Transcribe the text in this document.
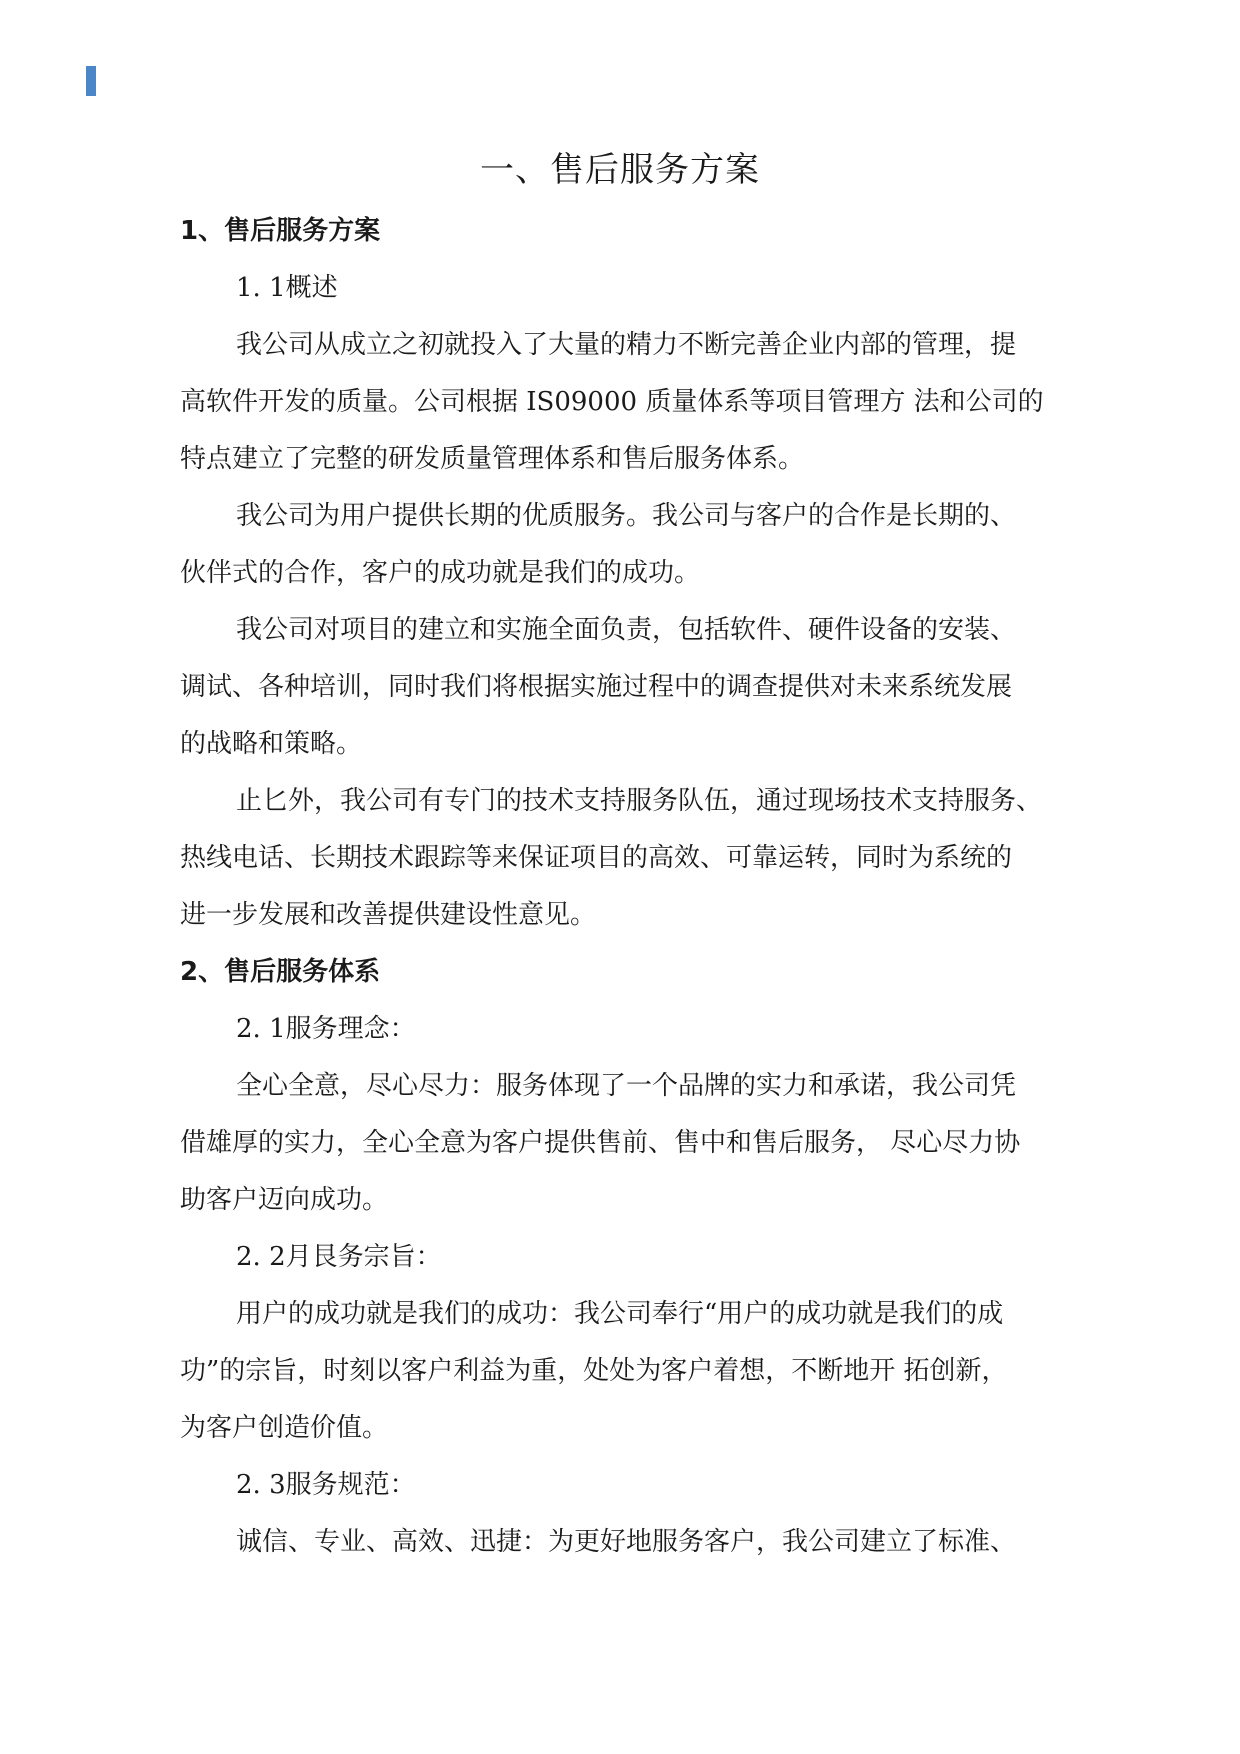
一、售后服务方案
1、售后服务方案
1. 1概述
我公司从成立之初就投入了大量的精力不断完善企业内部的管理，提
高软件开发的质量。公司根据 IS09000 质量体系等项目管理方 法和公司的
特点建立了完整的研发质量管理体系和售后服务体系。
我公司为用户提供长期的优质服务。我公司与客户的合作是长期的、
伙伴式的合作，客户的成功就是我们的成功。
我公司对项目的建立和实施全面负责，包括软件、硬件设备的安装、
调试、各种培训，同时我们将根据实施过程中的调查提供对未来系统发展
的战略和策略。
止匕外，我公司有专门的技术支持服务队伍，通过现场技术支持服务、
热线电话、长期技术跟踪等来保证项目的高效、可靠运转，同时为系统的
进一步发展和改善提供建设性意见。
2、售后服务体系
2. 1服务理念：
全心全意，尽心尽力：服务体现了一个品牌的实力和承诺，我公司凭
借雄厚的实力，全心全意为客户提供售前、售中和售后服务， 尽心尽力协
助客户迈向成功。
2. 2月艮务宗旨：
用户的成功就是我们的成功：我公司奉行“用户的成功就是我们的成
功”的宗旨，时刻以客户利益为重，处处为客户着想，不断地开 拓创新，
为客户创造价值。
2. 3服务规范：
诚信、专业、高效、迅捷：为更好地服务客户，我公司建立了标准、
